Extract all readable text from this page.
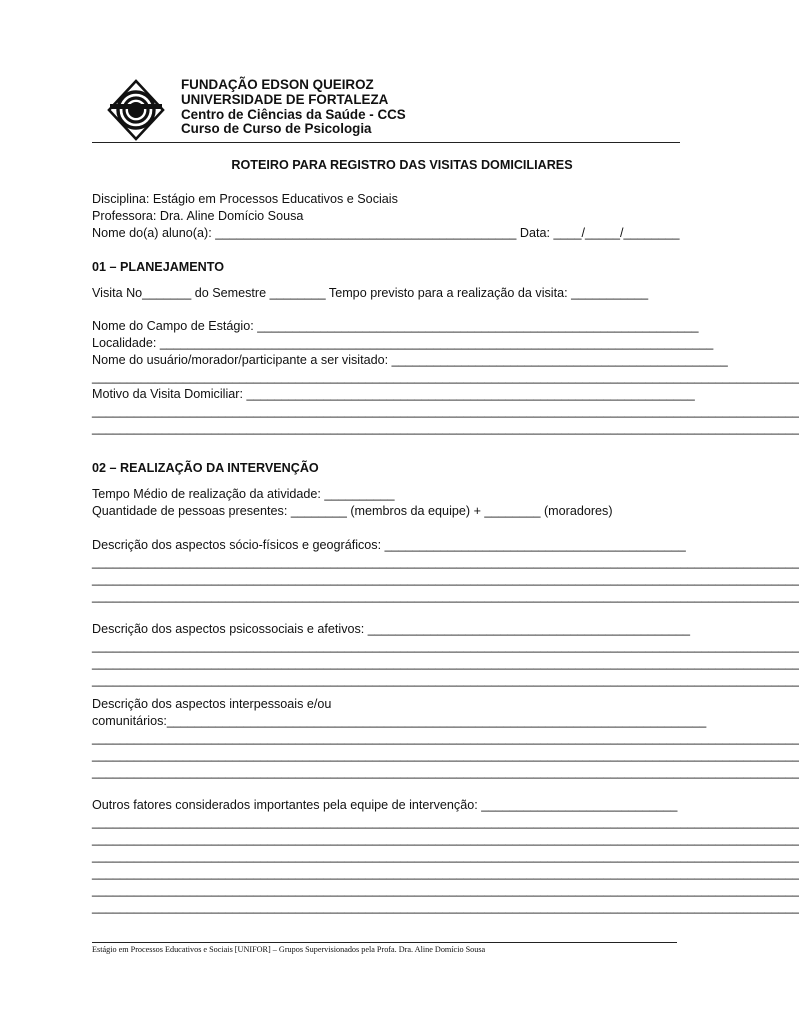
FUNDAÇÃO EDSON QUEIROZ
UNIVERSIDADE DE FORTALEZA
Centro de Ciências da Saúde - CCS
Curso de Curso de Psicologia
ROTEIRO PARA REGISTRO DAS VISITAS DOMICILIARES
Disciplina: Estágio em Processos Educativos e Sociais
Professora: Dra. Aline Domício Sousa
Nome do(a) aluno(a): ___________________________________________ Data: ____/_____/________
01 – PLANEJAMENTO
Visita No_______ do Semestre ________ Tempo previsto para a realização da visita: ___________
Nome do Campo de Estágio: _______________________________________________________________
Localidade: _______________________________________________________________________________
Nome do usuário/morador/participante a ser visitado: ________________________________________________
_____________________________________________________________________________________________________
Motivo da Visita Domiciliar: ________________________________________________________________
_____________________________________________________________________________________________________
_____________________________________________________________________________________________________
02 – REALIZAÇÃO DA INTERVENÇÃO
Tempo Médio de realização da atividade: __________
Quantidade de pessoas presentes: ________ (membros da equipe) + ________ (moradores)
Descrição dos aspectos sócio-físicos e geográficos: ___________________________________________
_____________________________________________________________________________________________________
_____________________________________________________________________________________________________
_____________________________________________________________________________________________________
Descrição dos aspectos psicossociais e afetivos: ______________________________________________
_____________________________________________________________________________________________________
_____________________________________________________________________________________________________
_____________________________________________________________________________________________________
Descrição dos aspectos interpessoais e/ou
comunitários:_____________________________________________________________________________
_____________________________________________________________________________________________________
_____________________________________________________________________________________________________
_____________________________________________________________________________________________________
Outros fatores considerados importantes pela equipe de intervenção: ____________________________
_____________________________________________________________________________________________________
_____________________________________________________________________________________________________
_____________________________________________________________________________________________________
_____________________________________________________________________________________________________
_____________________________________________________________________________________________________
_____________________________________________________________________________________________________
Estágio em Processos Educativos e Sociais [UNIFOR] – Grupos Supervisionados pela Profa. Dra. Aline Domício Sousa
